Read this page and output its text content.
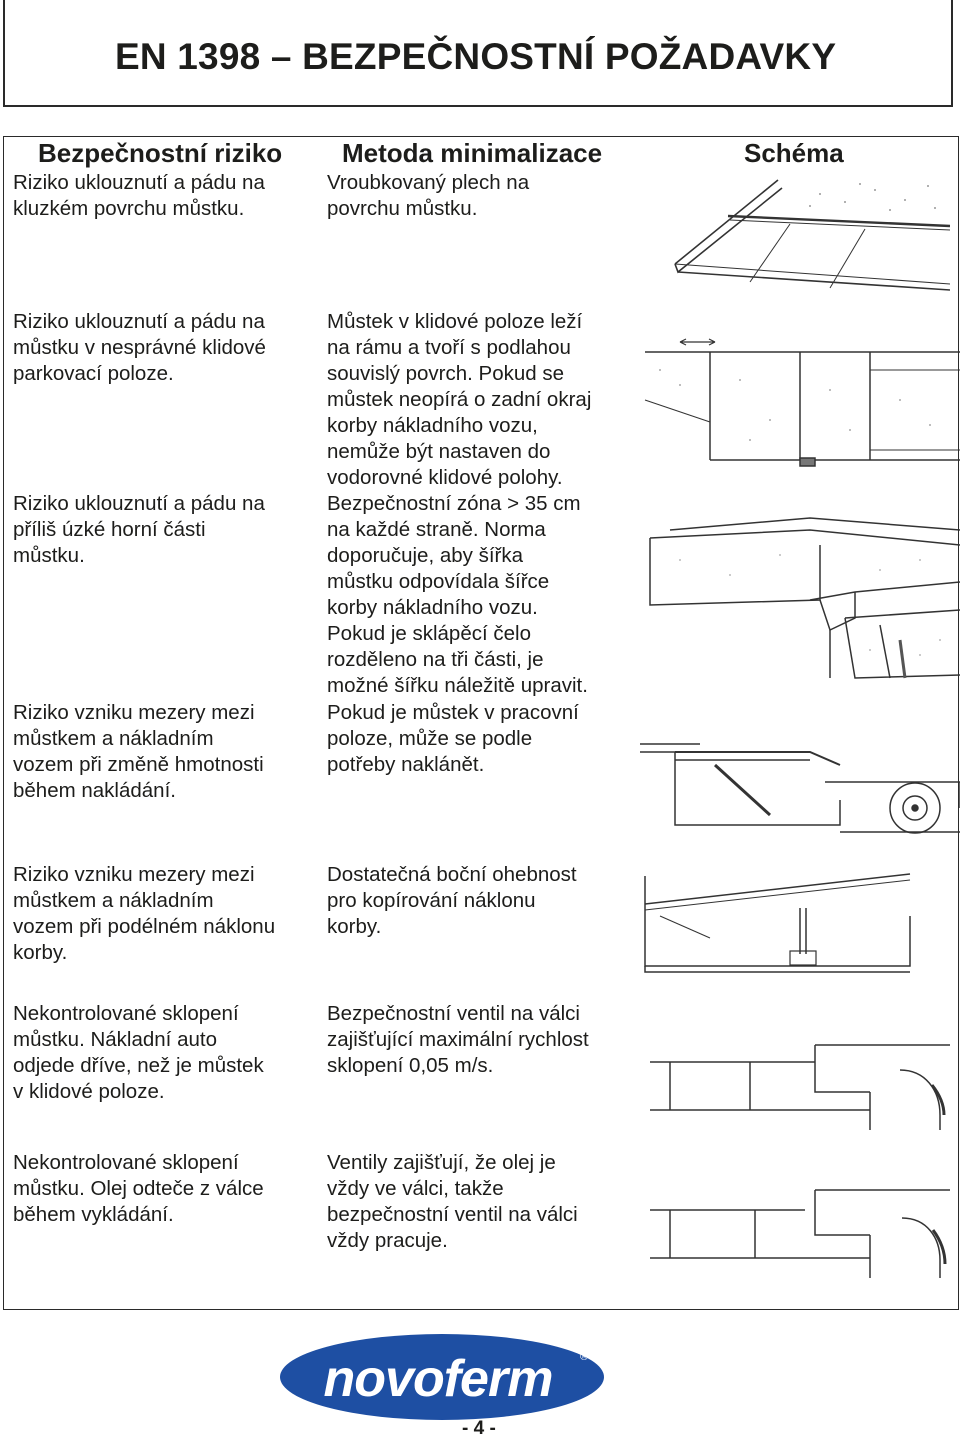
EN 1398 – BEZPEČNOSTNÍ POŽADAVKY
Bezpečnostní riziko Metoda minimalizace	Schéma

Riziko uklouznutí a pádu na
kluzkém povrchu můstku.

Vroubkovaný plech na
povrchu můstku.

Riziko uklouznutí a pádu na
můstku v nesprávné klidové
parkovací poloze.

Můstek v klidové poloze leží
na rámu a tvoří s podlahou
souvislý povrch. Pokud se
můstek neopírá o zadní okraj
korby nákladního vozu,
nemůže být nastaven do
vodorovné klidové polohy.

Riziko uklouznutí a pádu na
příliš úzké horní části
můstku.

Bezpečnostní zóna > 35 cm
na každé straně. Norma
doporučuje, aby šířka
můstku odpovídala šířce
korby nákladního vozu.
Pokud je sklápěcí čelo
rozděleno na tři části, je
možné šířku náležitě upravit.

Riziko vzniku mezery mezi
můstkem a nákladním
vozem při změně hmotnosti
během nakládání.

Pokud je můstek v pracovní
poloze, může se podle
potřeby naklánět.

Riziko vzniku mezery mezi
můstkem a nákladním
vozem při podélném náklonu
korby.

Dostatečná boční ohebnost
pro kopírování náklonu
korby.

Nekontrolované sklopení
můstku. Nákladní auto
odjede dříve, než je můstek
v klidové poloze.

Bezpečnostní ventil na válci
zajišťující maximální rychlost
sklopení 0,05 m/s.

Nekontrolované sklopení
můstku. Olej odteče z válce
během vykládání.

Ventily zajišťují, že olej je
vždy ve válci, takže
bezpečnostní ventil na válci
vždy pracuje.

novoferm	®
- 4 -
